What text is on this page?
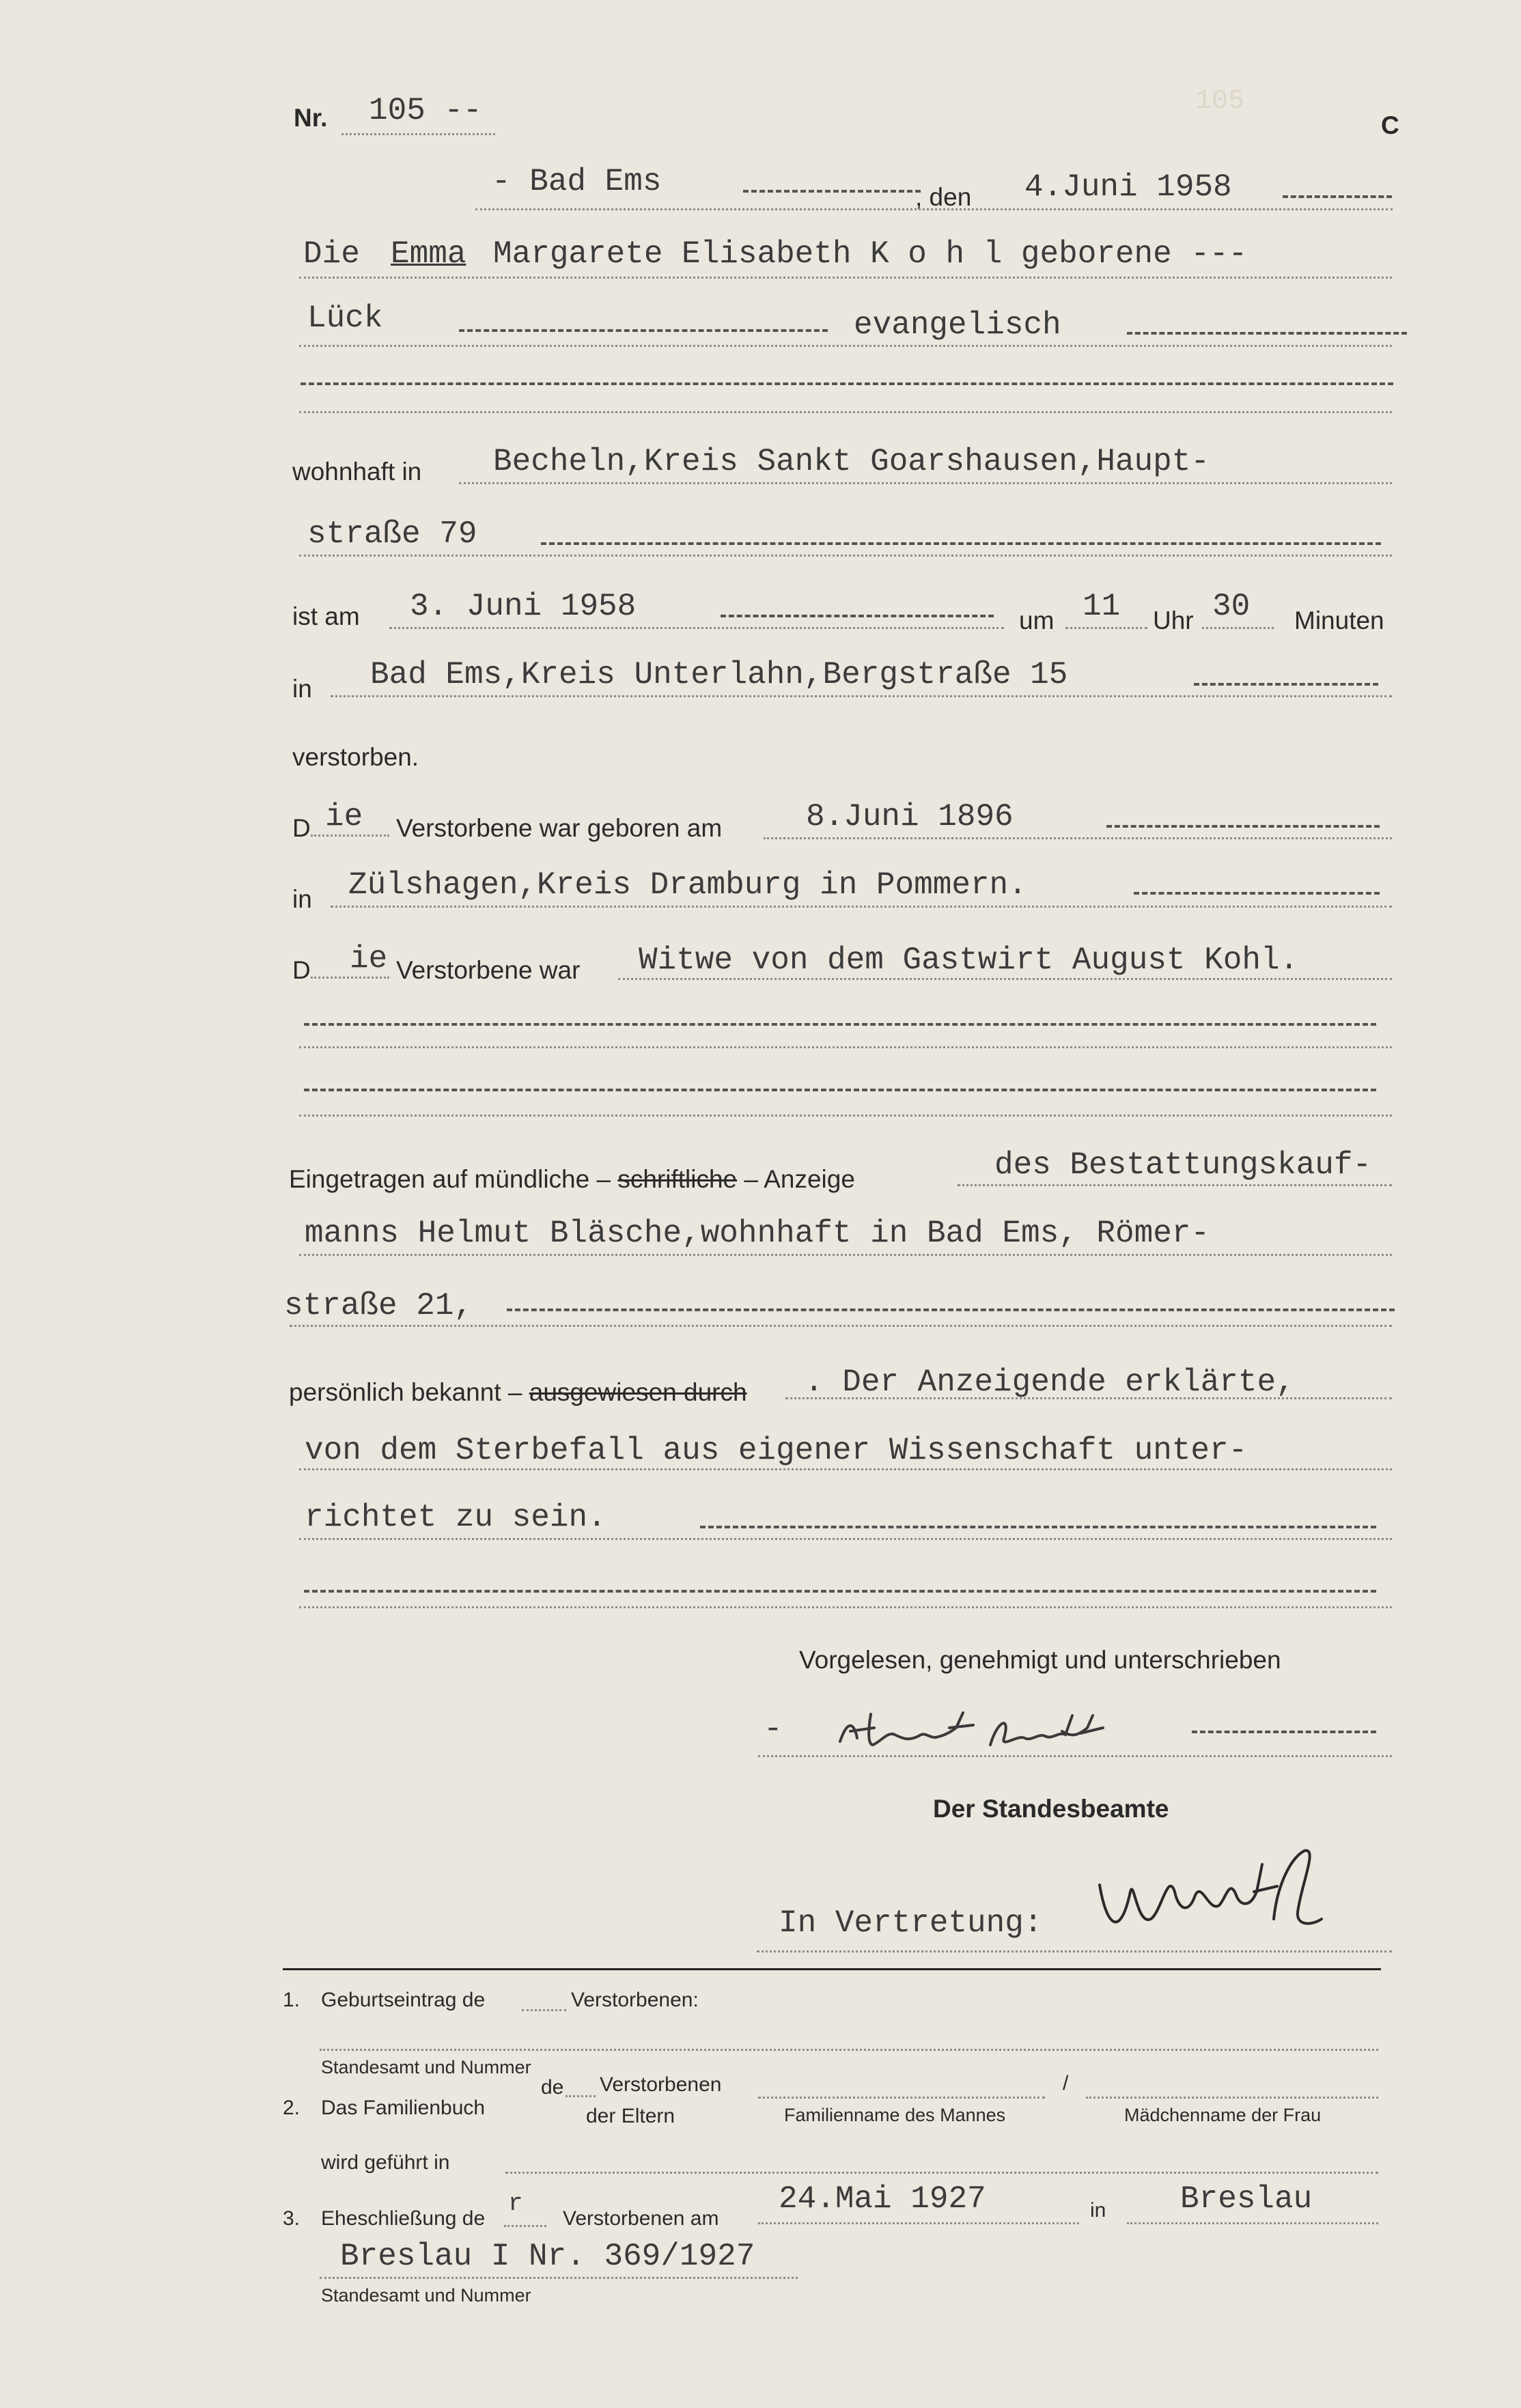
Nr. 105 --	105
C
- Bad Ems	, den 4.Juni 1958
Die Emma Margarete Elisabeth K o h l geborene ---
Lück	evangelisch
wohnhaft in Becheln,Kreis Sankt Goarshausen,Haupt-
straße 79
ist am 3. Juni 1958	um 11 Uhr 30 Minuten
in Bad Ems,Kreis Unterlahn,Bergstraße 15
verstorben.
D ie Verstorbene war geboren am	8.Juni 1896
in Zülshagen,Kreis Dramburg in Pommern.
D ie Verstorbene war Witwe von dem Gastwirt August Kohl.
Eingetragen auf mündliche – schriftliche – Anzeige	des Bestattungskauf-
manns Helmut Bläsche,wohnhaft in Bad Ems, Römer-
straße 21,
persönlich bekannt – ausgewiesen durch . Der Anzeigende erklärte,
von dem Sterbefall aus eigener Wissenschaft unter-
richtet zu sein.
Vorgelesen, genehmigt und unterschrieben
-
Der Standesbeamte
In Vertretung:
1. Geburtseintrag de	Verstorbenen:
Standesamt und Nummer
2. Das Familienbuch
de Verstorbenen
der Eltern
/
Familienname des Mannes	Mädchenname der Frau
wird geführt in
3. Eheschließung de
r
Verstorbenen am
24.Mai 1927	in Breslau
Breslau I Nr. 369/1927
Standesamt und Nummer
